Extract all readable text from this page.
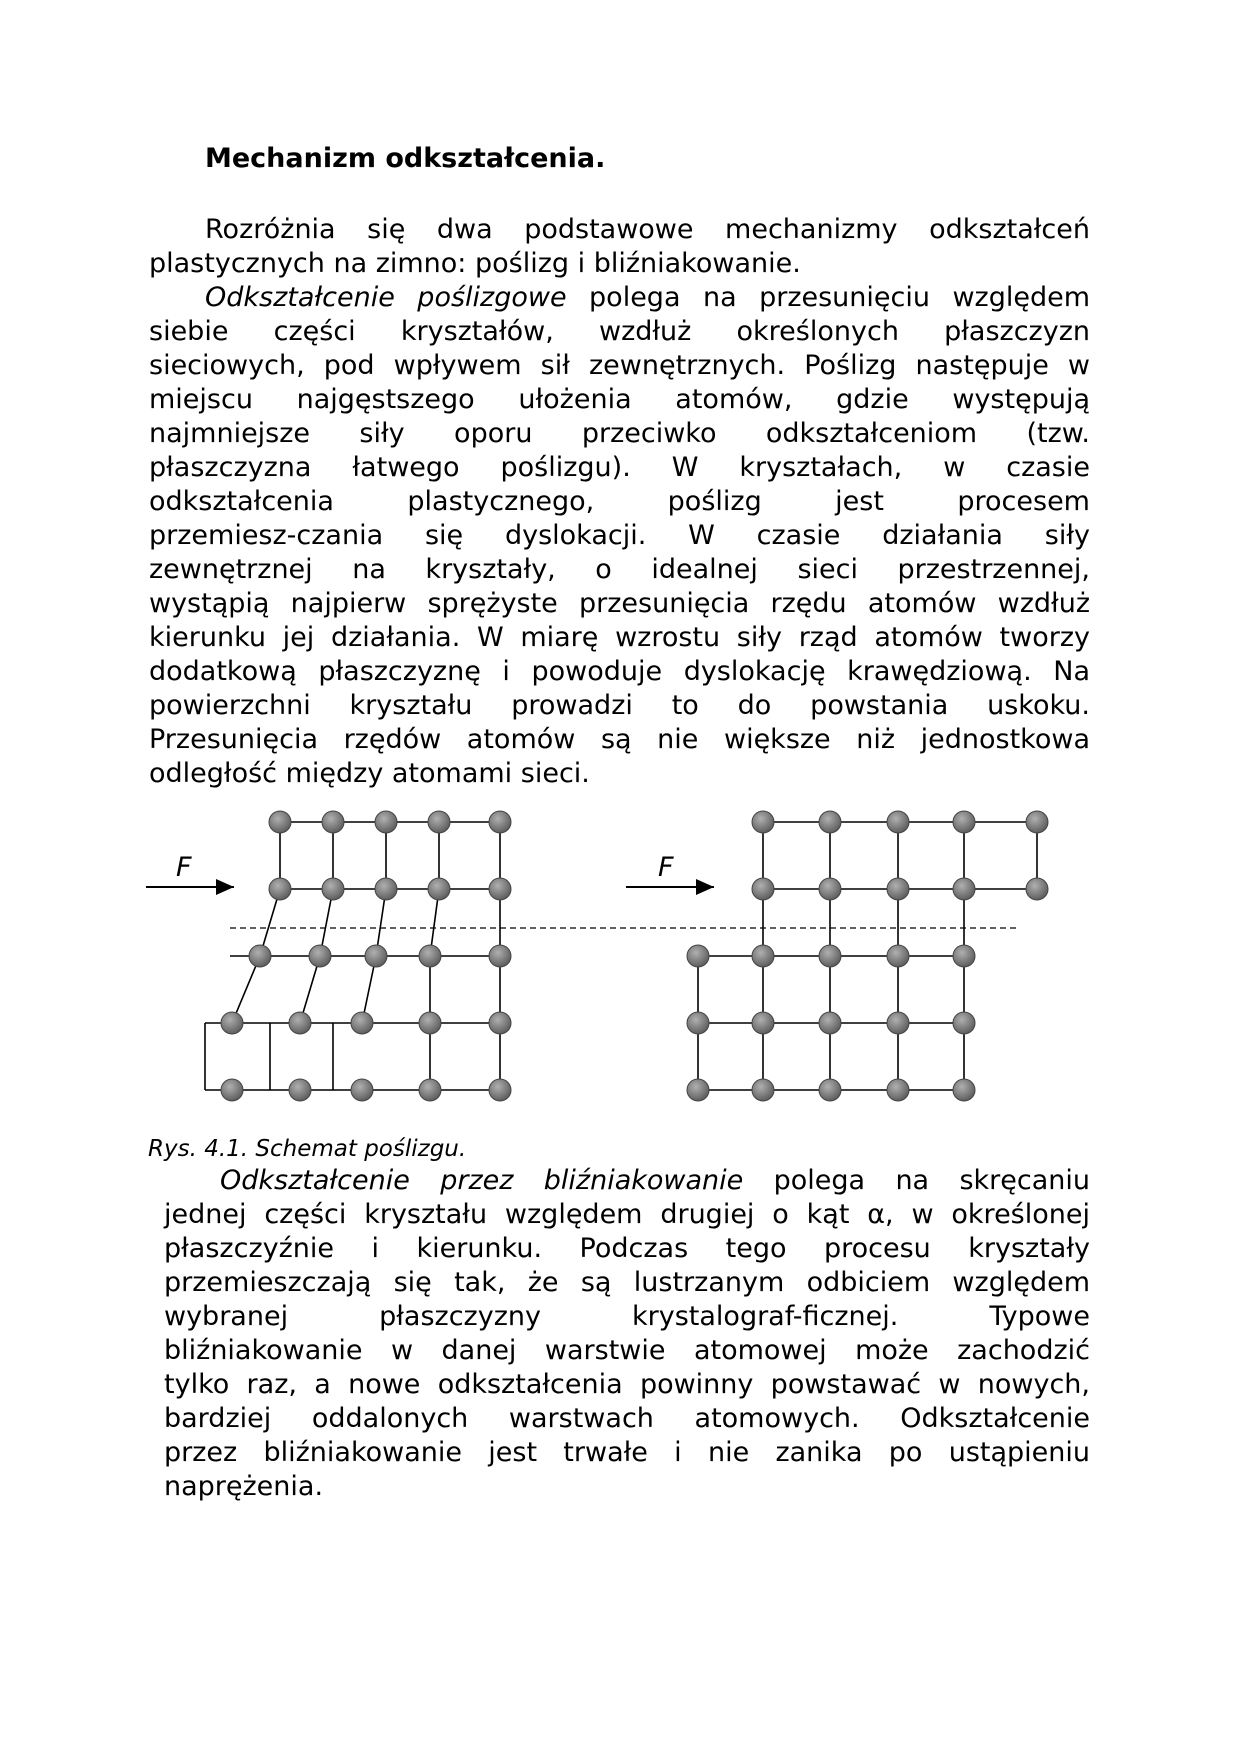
Mechanizm odkształcenia.
Rozróżnia się dwa podstawowe mechanizmy odkształceń
plastycznych na zimno: poślizg i bliźniakowanie.
Odkształcenie poślizgowe polega na przesunięciu względem
siebie części kryształów, wzdłuż określonych płaszczyzn
sieciowych, pod wpływem sił zewnętrznych. Poślizg następuje w
miejscu najgęstszego ułożenia atomów, gdzie występują
najmniejsze siły oporu przeciwko odkształceniom (tzw.
płaszczyzna łatwego poślizgu). W kryształach, w czasie
odkształcenia plastycznego, poślizg jest procesem
przemiesz-czania się dyslokacji. W czasie działania siły
zewnętrznej na kryształy, o idealnej sieci przestrzennej,
wystąpią najpierw sprężyste przesunięcia rzędu atomów wzdłuż
kierunku jej działania. W miarę wzrostu siły rząd atomów tworzy
dodatkową płaszczyznę i powoduje dyslokację krawędziową. Na
powierzchni kryształu prowadzi to do powstania uskoku.
Przesunięcia rzędów atomów są nie większe niż jednostkowa
odległość między atomami sieci.
F	F
Rys. 4.1. Schemat poślizgu.
Odkształcenie przez bliźniakowanie polega na skręcaniu
jednej części kryształu względem drugiej o kąt α, w określonej
płaszczyźnie i kierunku. Podczas tego procesu kryształy
przemieszczają się tak, że są lustrzanym odbiciem względem
wybranej płaszczyzny krystalograf-ficznej. Typowe
bliźniakowanie w danej warstwie atomowej może zachodzić
tylko raz, a nowe odkształcenia powinny powstawać w nowych,
bardziej oddalonych warstwach atomowych. Odkształcenie
przez bliźniakowanie jest trwałe i nie zanika po ustąpieniu
naprężenia.
